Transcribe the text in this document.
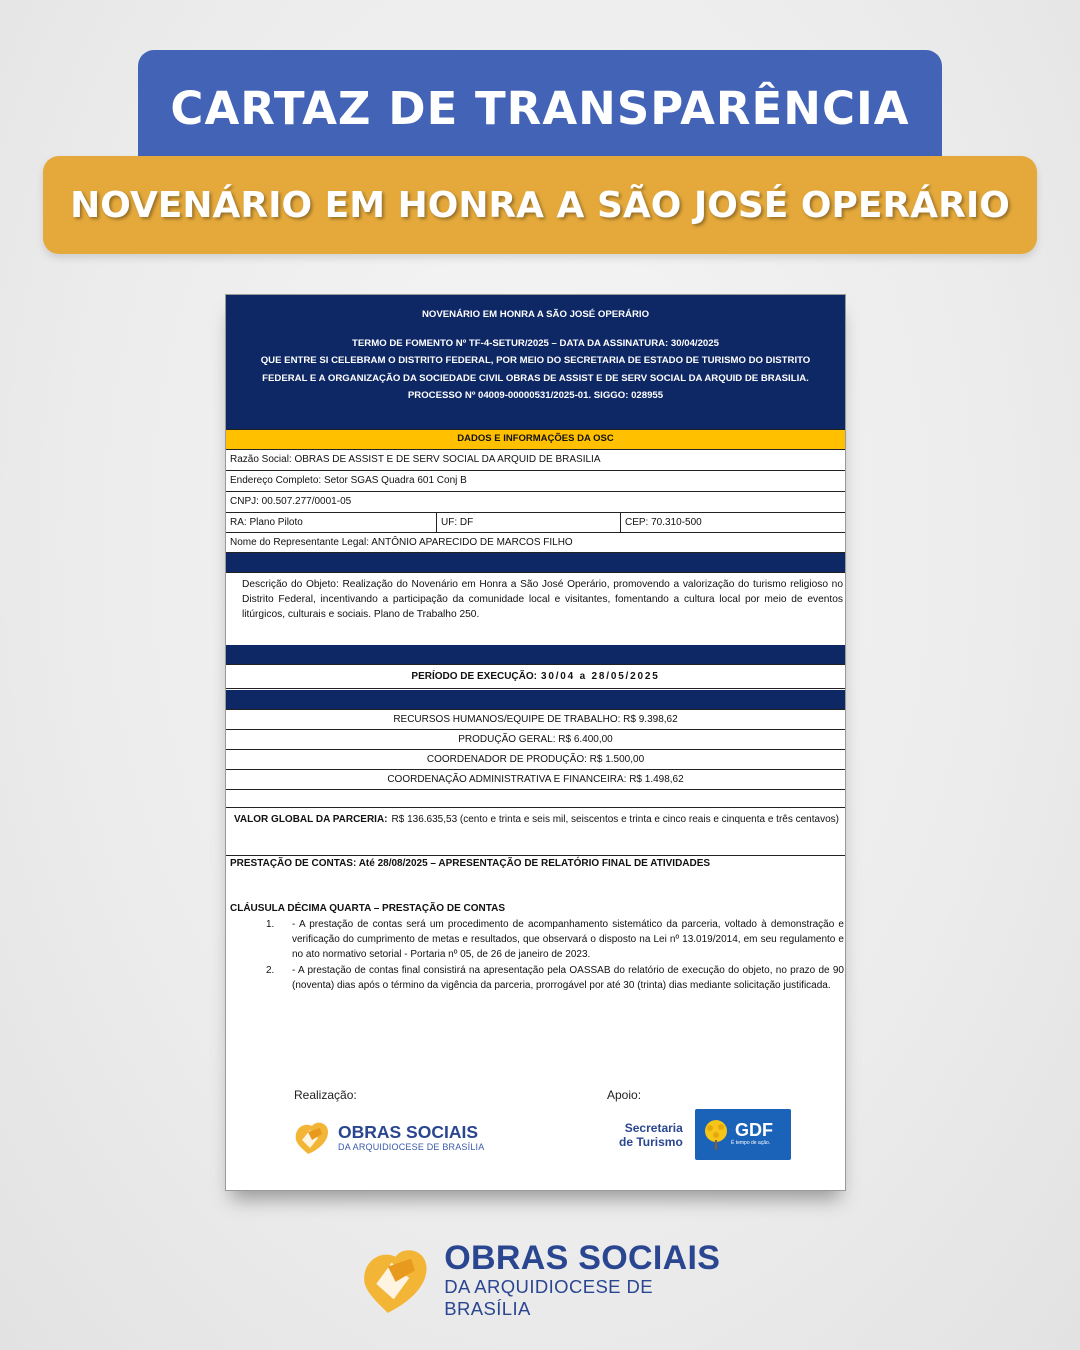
CARTAZ DE TRANSPARÊNCIA
NOVENÁRIO EM HONRA A SÃO JOSÉ OPERÁRIO
NOVENÁRIO EM HONRA A SÃO JOSÉ OPERÁRIO
TERMO DE FOMENTO Nº TF-4-SETUR/2025 – DATA DA ASSINATURA: 30/04/2025
QUE ENTRE SI CELEBRAM O DISTRITO FEDERAL, POR MEIO DO SECRETARIA DE ESTADO DE TURISMO DO DISTRITO
FEDERAL E A ORGANIZAÇÃO DA SOCIEDADE CIVIL OBRAS DE ASSIST E DE SERV SOCIAL DA ARQUID DE BRASILIA.
PROCESSO Nº 04009-00000531/2025-01. SIGGO: 028955
DADOS E INFORMAÇÕES DA OSC
Razão Social: OBRAS DE ASSIST E DE SERV SOCIAL DA ARQUID DE BRASILIA
Endereço Completo: Setor SGAS Quadra 601 Conj B
CNPJ: 00.507.277/0001-05
RA: Plano Piloto	UF: DF	CEP: 70.310-500
Nome do Representante Legal: ANTÔNIO APARECIDO DE MARCOS FILHO
Descrição do Objeto: Realização do Novenário em Honra a São José Operário, promovendo a valorização do turismo religioso no Distrito Federal, incentivando a participação da comunidade local e visitantes, fomentando a cultura local por meio de eventos litúrgicos, culturais e sociais. Plano de Trabalho 250.
PERÍODO DE EXECUÇÃO: 30/04 a 28/05/2025
RECURSOS HUMANOS/EQUIPE DE TRABALHO: R$ 9.398,62
PRODUÇÃO GERAL: R$ 6.400,00
COORDENADOR DE PRODUÇÃO: R$ 1.500,00
COORDENAÇÃO ADMINISTRATIVA E FINANCEIRA: R$ 1.498,62
VALOR GLOBAL DA PARCERIA: R$ 136.635,53 (cento e trinta e seis mil, seiscentos e trinta e cinco reais e cinquenta e três centavos)
PRESTAÇÃO DE CONTAS: Até 28/08/2025 – APRESENTAÇÃO DE RELATÓRIO FINAL DE ATIVIDADES
CLÁUSULA DÉCIMA QUARTA – PRESTAÇÃO DE CONTAS
1.	- A prestação de contas será um procedimento de acompanhamento sistemático da parceria, voltado à demonstração e verificação do cumprimento de metas e resultados, que observará o disposto na Lei nº 13.019/2014, em seu regulamento e no ato normativo setorial - Portaria nº 05, de 26 de janeiro de 2023.
2.	- A prestação de contas final consistirá na apresentação pela OASSAB do relatório de execução do objeto, no prazo de 90 (noventa) dias após o término da vigência da parceria, prorrogável por até 30 (trinta) dias mediante solicitação justificada.
Realização:	Apoio:
OBRAS SOCIAIS
DA ARQUIDIOCESE DE BRASÍLIA
Secretaria
de Turismo
GDF
É tempo de ação.
OBRAS SOCIAIS
DA ARQUIDIOCESE DE BRASÍLIA
